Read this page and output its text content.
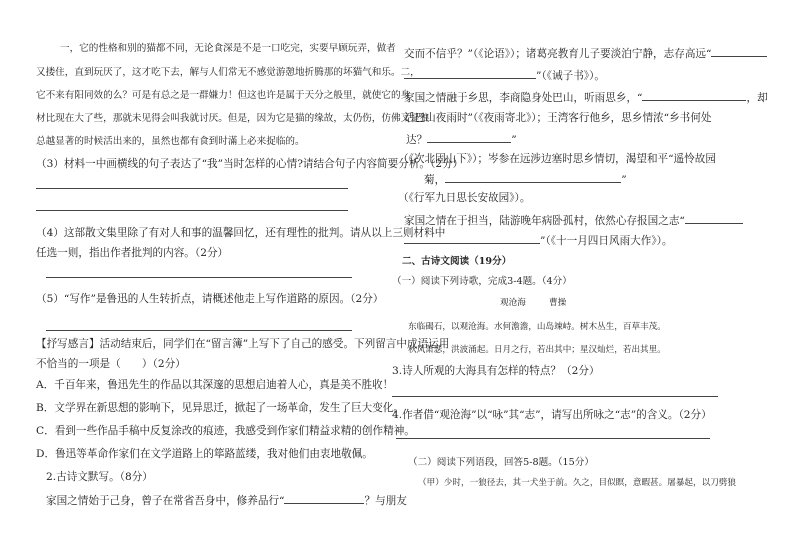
一，它的性格和别的猫都不同，无论食深是不是一口吃完，实要早顾玩弄，做者
又搂住，直到玩厌了，这才吃下去，解与人们常无不感觉游憩地折腾那的坏猫气和乐。二，
它不来有阳同效的么？可是有总之是一群嫌力！但这也许是属于天分之般里，就使它的身
材比现在大了些，那就未见得会叫我就讨厌。但是，因为它是猫的缘故，太仍伤，仿佛又是狼
总越显著的时候活出来的，虽然也都有食到时滿上必来捉临的。
（3）材料一中画横线的句子表达了“我”当时怎样的心情?请结合句子内容简要分析。（2分）
（4）这部散文集里除了有对人和事的温馨回忆，还有理性的批判。请从以上三则材料中
任选一则，指出作者批判的内容。（2分）
（5）“写作”是鲁迅的人生转折点，请概述他走上写作道路的原因。（2分）
【抒写感言】活动结束后，同学们在“留言簿”上写下了自己的感受。下列留言中成语运用
不恰当的一项是（　　）（2分）
A．千百年来，鲁迅先生的作品以其深邃的思想启迪着人心，真是美不胜收！
B．文学界在新思想的影响下，见异思迁，掀起了一场革命，发生了巨大变化。
C．看到一些作品手稿中反复涂改的痕迹，我感受到作家们精益求精的创作精神。
D．鲁迅等革命作家们在文学道路上的筚路蓝缕，我对他们由衷地敬佩。
2.古诗文默写。（8分）
家国之情始于己身，曾子在常省吾身中，修养品行“	？与朋友
交而不信乎？”（《论语》）；诸葛亮教育儿子要淡泊宁静，志存高远“
”（《诫子书》）。
家国之情融于乡思，李商隐身处巴山，听雨思乡，“	，却
话巴山夜雨时”（《夜雨寄北》）；王湾客行他乡，思乡情浓“乡书何处
达？	”
（《次北固山下》）；岑参在远涉边塞时思乡情切，渴望和平“遥怜故园
菊，	”
（《行军九日思长安故园》）。
家国之情在于担当，陆游晚年病卧孤村，依然心存报国之志“
”（《十一月四日风雨大作》）。
二、古诗文阅读（19分）
（一）阅读下列诗歌，完成3-4题。（4分）
观沧海	曹操
东临碣石，以观沧海。水何澹澹，山岛竦峙。树木丛生，百草丰茂。
秋风萧瑟，洪波涌起。日月之行，若出其中；星汉灿烂，若出其里。
3.诗人所观的大海具有怎样的特点？（2分）
4.作者借“观沧海”以“咏”其“志”，请写出所咏之“志”的含义。（2分）
（二）阅读下列语段，回答5-8题。（15分）
（甲）少时，一狼径去，其一犬坐于前。久之，目似瞑，意暇甚。屠暴起，以刀劈狼
